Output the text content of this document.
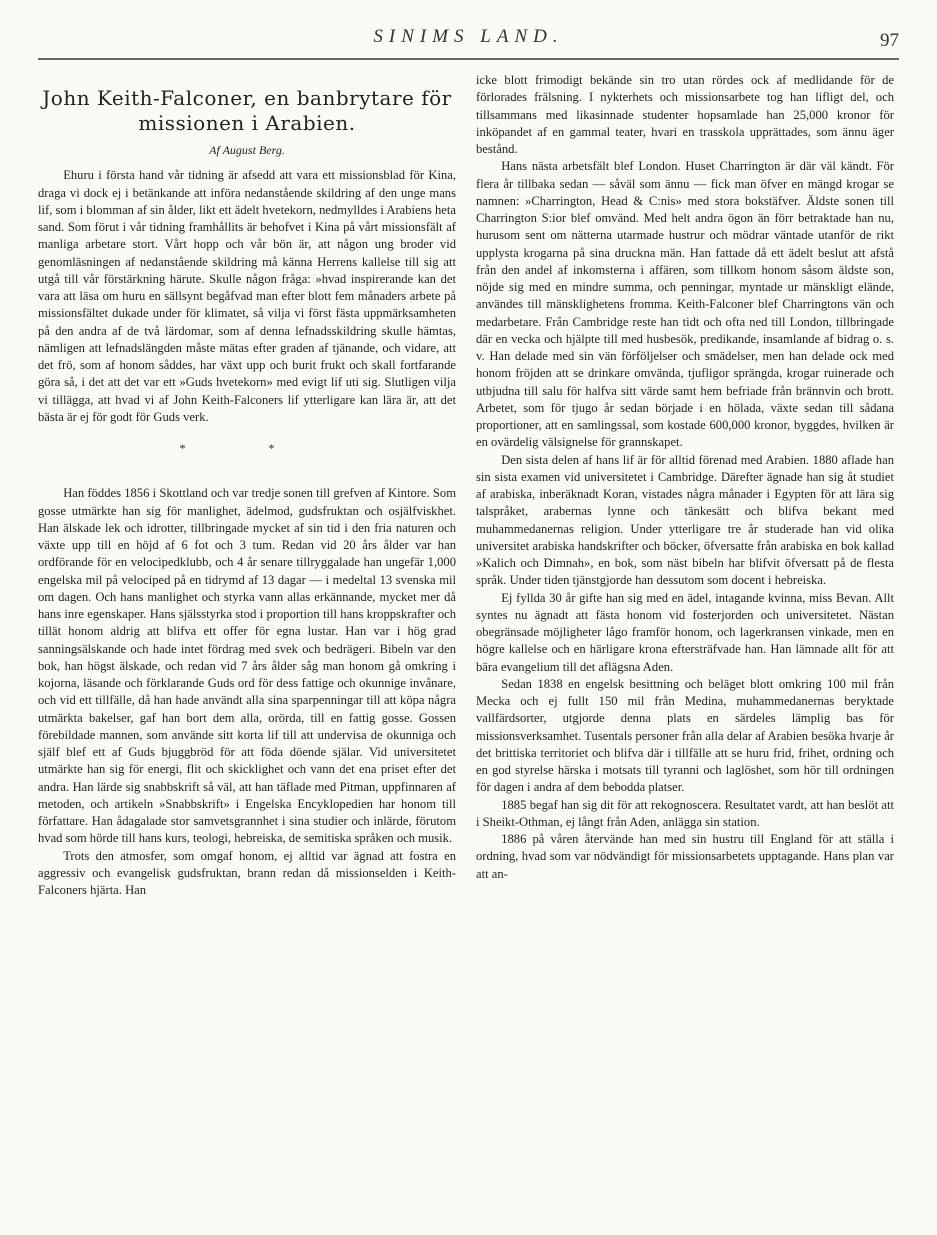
SINIMS LAND.	97
John Keith-Falconer, en banbrytare för
missionen i Arabien.
Af August Berg.

Ehuru i första hand vår tidning är afsedd att vara ett missionsblad för Kina, draga vi dock ej i betänkande att införa nedanstående skildring af den unge mans lif, som i blomman af sin ålder, likt ett ädelt hvetekorn, nedmylldes i Arabiens heta sand. Som förut i vår tidning framhållits är behofvet i Kina på vårt missionsfält af manliga arbetare stort. Vårt hopp och vår bön är, att någon ung broder vid genomläsningen af nedanstående skildring må känna Herrens kallelse till sig att utgå till vår förstärkning härute. Skulle någon fråga: »hvad inspirerande kan det vara att läsa om huru en sällsynt begåfvad man efter blott fem månaders arbete på missionsfältet dukade under för klimatet, så vilja vi först fästa uppmärksamheten på den andra af de två lärdomar, som af denna lefnadsskildring skulle hämtas, nämligen att lefnadslängden måste mätas efter graden af tjänande, och vidare, att det frö, som af honom såddes, har växt upp och burit frukt och skall fortfarande göra så, i det att det var ett »Guds hvetekorn» med evigt lif uti sig. Slutligen vilja vi tillägga, att hvad vi af John Keith-Falconers lif ytterligare kan lära är, att det bästa är ej för godt för Guds verk.

* *

Han föddes 1856 i Skottland och var tredje sonen till grefven af Kintore. Som gosse utmärkte han sig för manlighet, ädelmod, gudsfruktan och osjälfviskhet. Han älskade lek och idrotter, tillbringade mycket af sin tid i den fria naturen och växte upp till en höjd af 6 fot och 3 tum. Redan vid 20 års ålder var han ordförande för en velocipedklubb, och 4 år senare tillryggalade han ungefär 1,000 engelska mil på velociped på en tidrymd af 13 dagar — i medeltal 13 svenska mil om dagen. Och hans manlighet och styrka vann allas erkännande, mycket mer då hans inre egenskaper. Hans själsstyrka stod i proportion till hans kroppskrafter och tillät honom aldrig att blifva ett offer för egna lustar. Han var i hög grad sanningsälskande och hade intet fördrag med svek och bedrägeri. Bibeln var den bok, han högst älskade, och redan vid 7 års ålder såg man honom gå omkring i kojorna, läsande och förklarande Guds ord för dess fattige och okunnige invånare, och vid ett tillfälle, då han hade användt alla sina sparpenningar till att köpa några utmärkta bakelser, gaf han bort dem alla, orörda, till en fattig gosse. Gossen förebildade mannen, som använde sitt korta lif till att undervisa de okunniga och själf blef ett af Guds bjuggbröd för att föda döende själar. Vid universitetet utmärkte han sig för energi, flit och skicklighet och vann det ena priset efter det andra. Han lärde sig snabbskrift så väl, att han täflade med Pitman, uppfinnaren af metoden, och artikeln »Snabbskrift» i Engelska Encyklopedien har honom till författare. Han ådagalade stor samvetsgrannhet i sina studier och inlärde, förutom hvad som hörde till hans kurs, teologi, hebreiska, de semitiska språken och musik.

Trots den atmosfer, som omgaf honom, ej alltid var ägnad att fostra en aggressiv och evangelisk gudsfruktan, brann redan då missionselden i Keith-Falconers hjärta. Han

icke blott frimodigt bekände sin tro utan rördes ock af medlidande för de förlorades frälsning. I nykterhets och missionsarbete tog han lifligt del, och tillsammans med likasinnade studenter hopsamlade han 25,000 kronor för inköpandet af en gammal teater, hvari en trasskola upprättades, som ännu äger bestånd.

Hans nästa arbetsfält blef London. Huset Charrington är där väl kändt. För flera år tillbaka sedan — såväl som ännu — fick man öfver en mängd krogar se namnen: »Charrington, Head & C:nis» med stora bokstäfver. Äldste sonen till Charrington S:ior blef omvänd. Med helt andra ögon än förr betraktade han nu, hurusom sent om nätterna utarmade hustrur och mödrar väntade utanför de rikt upplysta krogarna på sina druckna män. Han fattade då ett ädelt beslut att afstå från den andel af inkomsterna i affären, som tillkom honom såsom äldste son, nöjde sig med en mindre summa, och penningar, myntade ur mänskligt elände, användes till mänsklighetens fromma. Keith-Falconer blef Charringtons vän och medarbetare. Från Cambridge reste han tidt och ofta ned till London, tillbringade där en vecka och hjälpte till med husbesök, predikande, insamlande af bidrag o. s. v. Han delade med sin vän förföljelser och smädelser, men han delade ock med honom fröjden att se drinkare omvända, tjufligor sprängda, krogar ruinerade och utbjudna till salu för halfva sitt värde samt hem befriade från brännvin och brott. Arbetet, som för tjugo år sedan började i en hölada, växte sedan till sådana proportioner, att en samlingssal, som kostade 600,000 kronor, byggdes, hvilken är en ovärdelig välsignelse för grannskapet.

Den sista delen af hans lif är för alltid förenad med Arabien. 1880 aflade han sin sista examen vid universitetet i Cambridge. Därefter ägnade han sig åt studiet af arabiska, inberäknadt Koran, vistades några månader i Egypten för att lära sig talspråket, arabernas lynne och tänkesätt och blifva bekant med muhammedanernas religion. Under ytterligare tre år studerade han vid olika universitet arabiska handskrifter och böcker, öfversatte från arabiska en bok kallad »Kalich och Dimnah», en bok, som näst bibeln har blifvit öfversatt på de flesta språk. Under tiden tjänstgjorde han dessutom som docent i hebreiska.

Ej fyllda 30 år gifte han sig med en ädel, intagande kvinna, miss Bevan. Allt syntes nu ägnadt att fästa honom vid fosterjorden och universitetet. Nästan obegränsade möjligheter lågo framför honom, och lagerkransen vinkade, men en högre kallelse och en härligare krona eftersträfvade han. Han lämnade allt för att bära evangelium till det aflägsna Aden.

Sedan 1838 en engelsk besittning och beläget blott omkring 100 mil från Mecka och ej fullt 150 mil från Medina, muhammedanernas beryktade vallfärdsorter, utgjorde denna plats en särdeles lämplig bas för missionsverksamhet. Tusentals personer från alla delar af Arabien besöka hvarje år det brittiska territoriet och blifva där i tillfälle att se huru frid, frihet, ordning och en god styrelse härska i motsats till tyranni och laglöshet, som hör till ordningen för dagen i andra af dem bebodda platser.

1885 begaf han sig dit för att rekognoscera. Resultatet vardt, att han beslöt att i Sheikt-Othman, ej långt från Aden, anlägga sin station.

1886 på våren återvände han med sin hustru till England för att ställa i ordning, hvad som var nödvändigt för missionsarbetets upptagande. Hans plan var att an-
